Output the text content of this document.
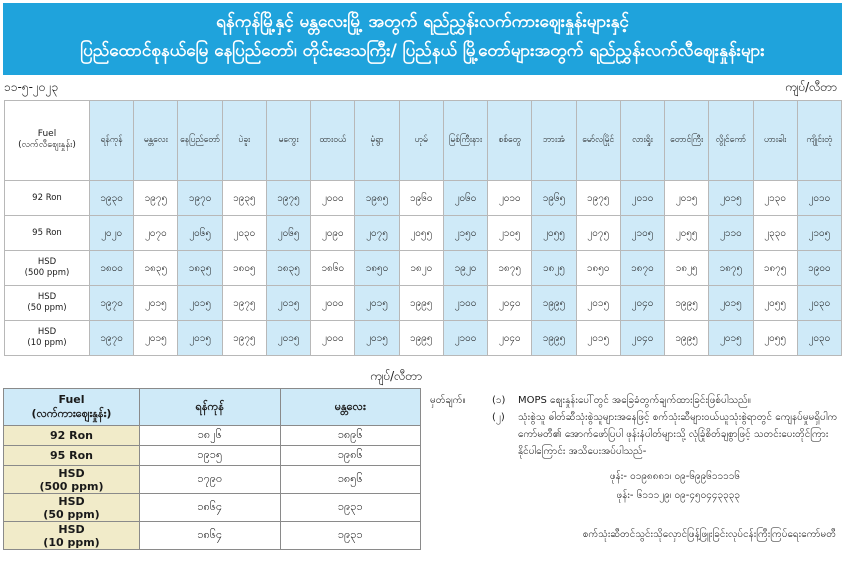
ရန်ကုန်မြို့နှင့် မန္တလေးမြို့ အတွက် ရည်ညွှန်းလက်ကားဈေးနှုန်းများနှင့်
ပြည်ထောင်စုနယ်မြေ နေပြည်တော်၊ တိုင်းဒေသကြီး/ ပြည်နယ် မြို့တော်များအတွက် ရည်ညွှန်းလက်လီဈေးနှုန်းများ
၁၁-၅-၂၀၂၃	ကျပ်/လီတာ
Fuel
(လက်လီဈေးနှုန်း)	ရန်ကုန်	မန္တလေး	နေပြည်တော်	ပဲခူး	မကွေး	ထားဝယ်	မုံရွာ	ဟုမ်	မြစ်ကြီးနား	စစ်တွေ	ဘားအံ	မော်လမြိုင်	လားရှိုး	တောင်ကြီး	လွိုင်ကော်	ဟားခါး	ကျိုင်းတုံ
92 Ron	၁၉၃၀	၁၉၇၅	၁၉၇၀	၁၉၃၅	၁၉၇၅	၂၀၀၀	၁၉၈၅	၁၉၆၀	၂၀၆၀	၂၀၁၀	၁၉၆၅	၁၉၇၅	၂၀၁၀	၂၀၁၅	၂၀၁၅	၂၁၃၀	၂၀၁၀
95 Ron	၂၀၂၀	၂၀၇၀	၂၀၆၅	၂၀၃၀	၂၀၆၅	၂၀၉၀	၂၀၇၅	၂၀၅၅	၂၁၅၀	၂၁၀၅	၂၀၅၅	၂၀၇၅	၂၁၀၅	၂၀၅၅	၂၁၁၀	၂၃၃၀	၂၁၀၅
HSD
(500 ppm)	၁၈၀၀	၁၈၃၅	၁၈၃၅	၁၈၀၅	၁၈၃၅	၁၈၆၀	၁၈၅၀	၁၈၂၀	၁၉၂၀	၁၈၇၅	၁၈၂၅	၁၈၅၀	၁၈၇၀	၁၈၂၅	၁၈၇၅	၁၈၇၅	၁၉၀၀
HSD
(50 ppm)	၁၉၇၀	၂၀၁၅	၂၀၁၅	၁၉၇၅	၂၀၁၅	၂၀၀၀	၂၀၁၅	၁၉၉၅	၂၁၀၀	၂၀၄၀	၁၉၉၅	၂၀၁၅	၂၀၄၀	၁၉၉၅	၂၀၁၅	၂၀၅၅	၂၀၃၀
HSD
(10 ppm)	၁၉၇၀	၂၀၁၅	၂၀၁၅	၁၉၇၅	၂၀၁၅	၂၀၀၀	၂၀၁၅	၁၉၉၅	၂၁၀၀	၂၀၄၀	၁၉၉၅	၂၀၁၅	၂၀၄၀	၁၉၉၅	၂၀၁၅	၂၀၅၅	၂၀၃၀
ကျပ်/လီတာ
Fuel
(လက်ကားဈေးနှုန်း)	ရန်ကုန်	မန္တလေး
92 Ron	၁၈၂၆	၁၈၉၆
95 Ron	၁၉၁၅	၁၉၈၆
HSD
(500 ppm)	၁၇၉၀	၁၈၅၆
HSD
(50 ppm)	၁၈၆၄	၁၉၃၁
HSD
(10 ppm)	၁၈၆၄	၁၉၃၁
မှတ်ချက်။	(၁)	MOPS ဈေးနှုန်းပေါ်တွင် အခြေခံတွက်ချက်ထားခြင်းဖြစ်ပါသည်။
(၂)	သုံးစွဲသူ ဓါတ်ဆီသုံးစွဲသူများအနေဖြင့် စက်သုံးဆီများဝယ်ယူသုံးစွဲရာတွင် ကျေနပ်မှုမရှိပါက
ကော်မတီ၏ အောက်ဖော်ပြပါ ဖုန်းနံပါတ်များသို့ လုံခြုံစိတ်ချစွာဖြင့် သတင်းပေးတိုင်ကြား
နိုင်ပါကြောင်း အသိပေးအပ်ပါသည်-
ဖုန်း- ၀၁၉၈၈၈၁၊ ၀၉-၆၉၉၆၁၁၁၁၆
ဖုန်း- ၆၁၁၁၂၉၊ ၀၉-၄၅၀၄၄၃၃၃၃
စက်သုံးဆီတင်သွင်းသိုလှောင်ဖြန့်ဖြူးခြင်းလုပ်ငန်းကြီးကြပ်ရေးကော်မတီ
